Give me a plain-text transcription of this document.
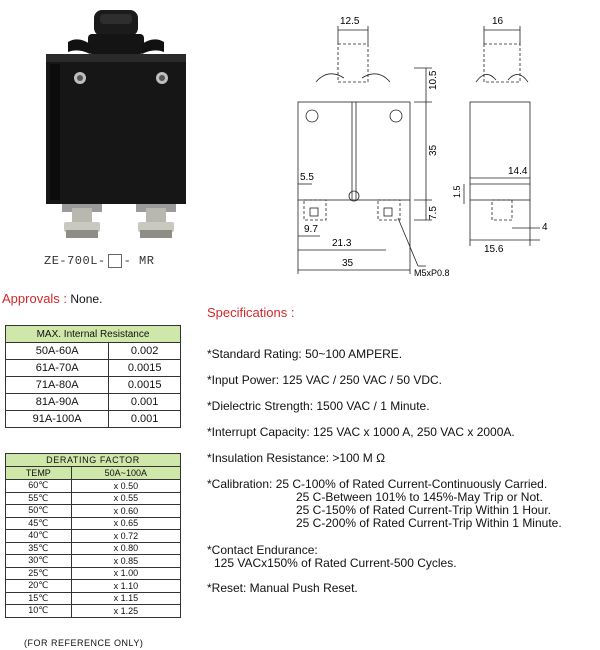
ZE-700L- - MR
12.5
10.5
35
5.5
7.5
9.7
21.3
35
M5xP0.8
16
14.4
1.5
4
15.6
Approvals : None.
MAX. Internal Resistance	
50A-60A	0.002
61A-70A	0.0015
71A-80A	0.0015
81A-90A	0.001
91A-100A	0.001
DERATING FACTOR	
TEMP	50A~100A
60℃	x 0.50
55℃	x 0.55
50℃	x 0.60
45℃	x 0.65
40℃	x 0.72
35℃	x 0.80
30℃	x 0.85
25℃	x 1.00
20℃	x 1.10
15℃	x 1.15
10℃	x 1.25
(FOR REFERENCE ONLY)
Specifications :
*Standard Rating: 50~100 AMPERE.
*Input Power: 125 VAC / 250 VAC / 50 VDC.
*Dielectric Strength: 1500 VAC / 1 Minute.
*Interrupt Capacity: 125 VAC x 1000 A, 250 VAC x 2000A.
*Insulation Resistance: >100 M Ω
*Calibration: 25 C-100% of Rated Current-Continuously Carried.
25 C-Between 101% to 145%-May Trip or Not.
25 C-150% of Rated Current-Trip Within 1 Hour.
25 C-200% of Rated Current-Trip Within 1 Minute.
*Contact Endurance:
125 VACx150% of Rated Current-500 Cycles.
*Reset: Manual Push Reset.
